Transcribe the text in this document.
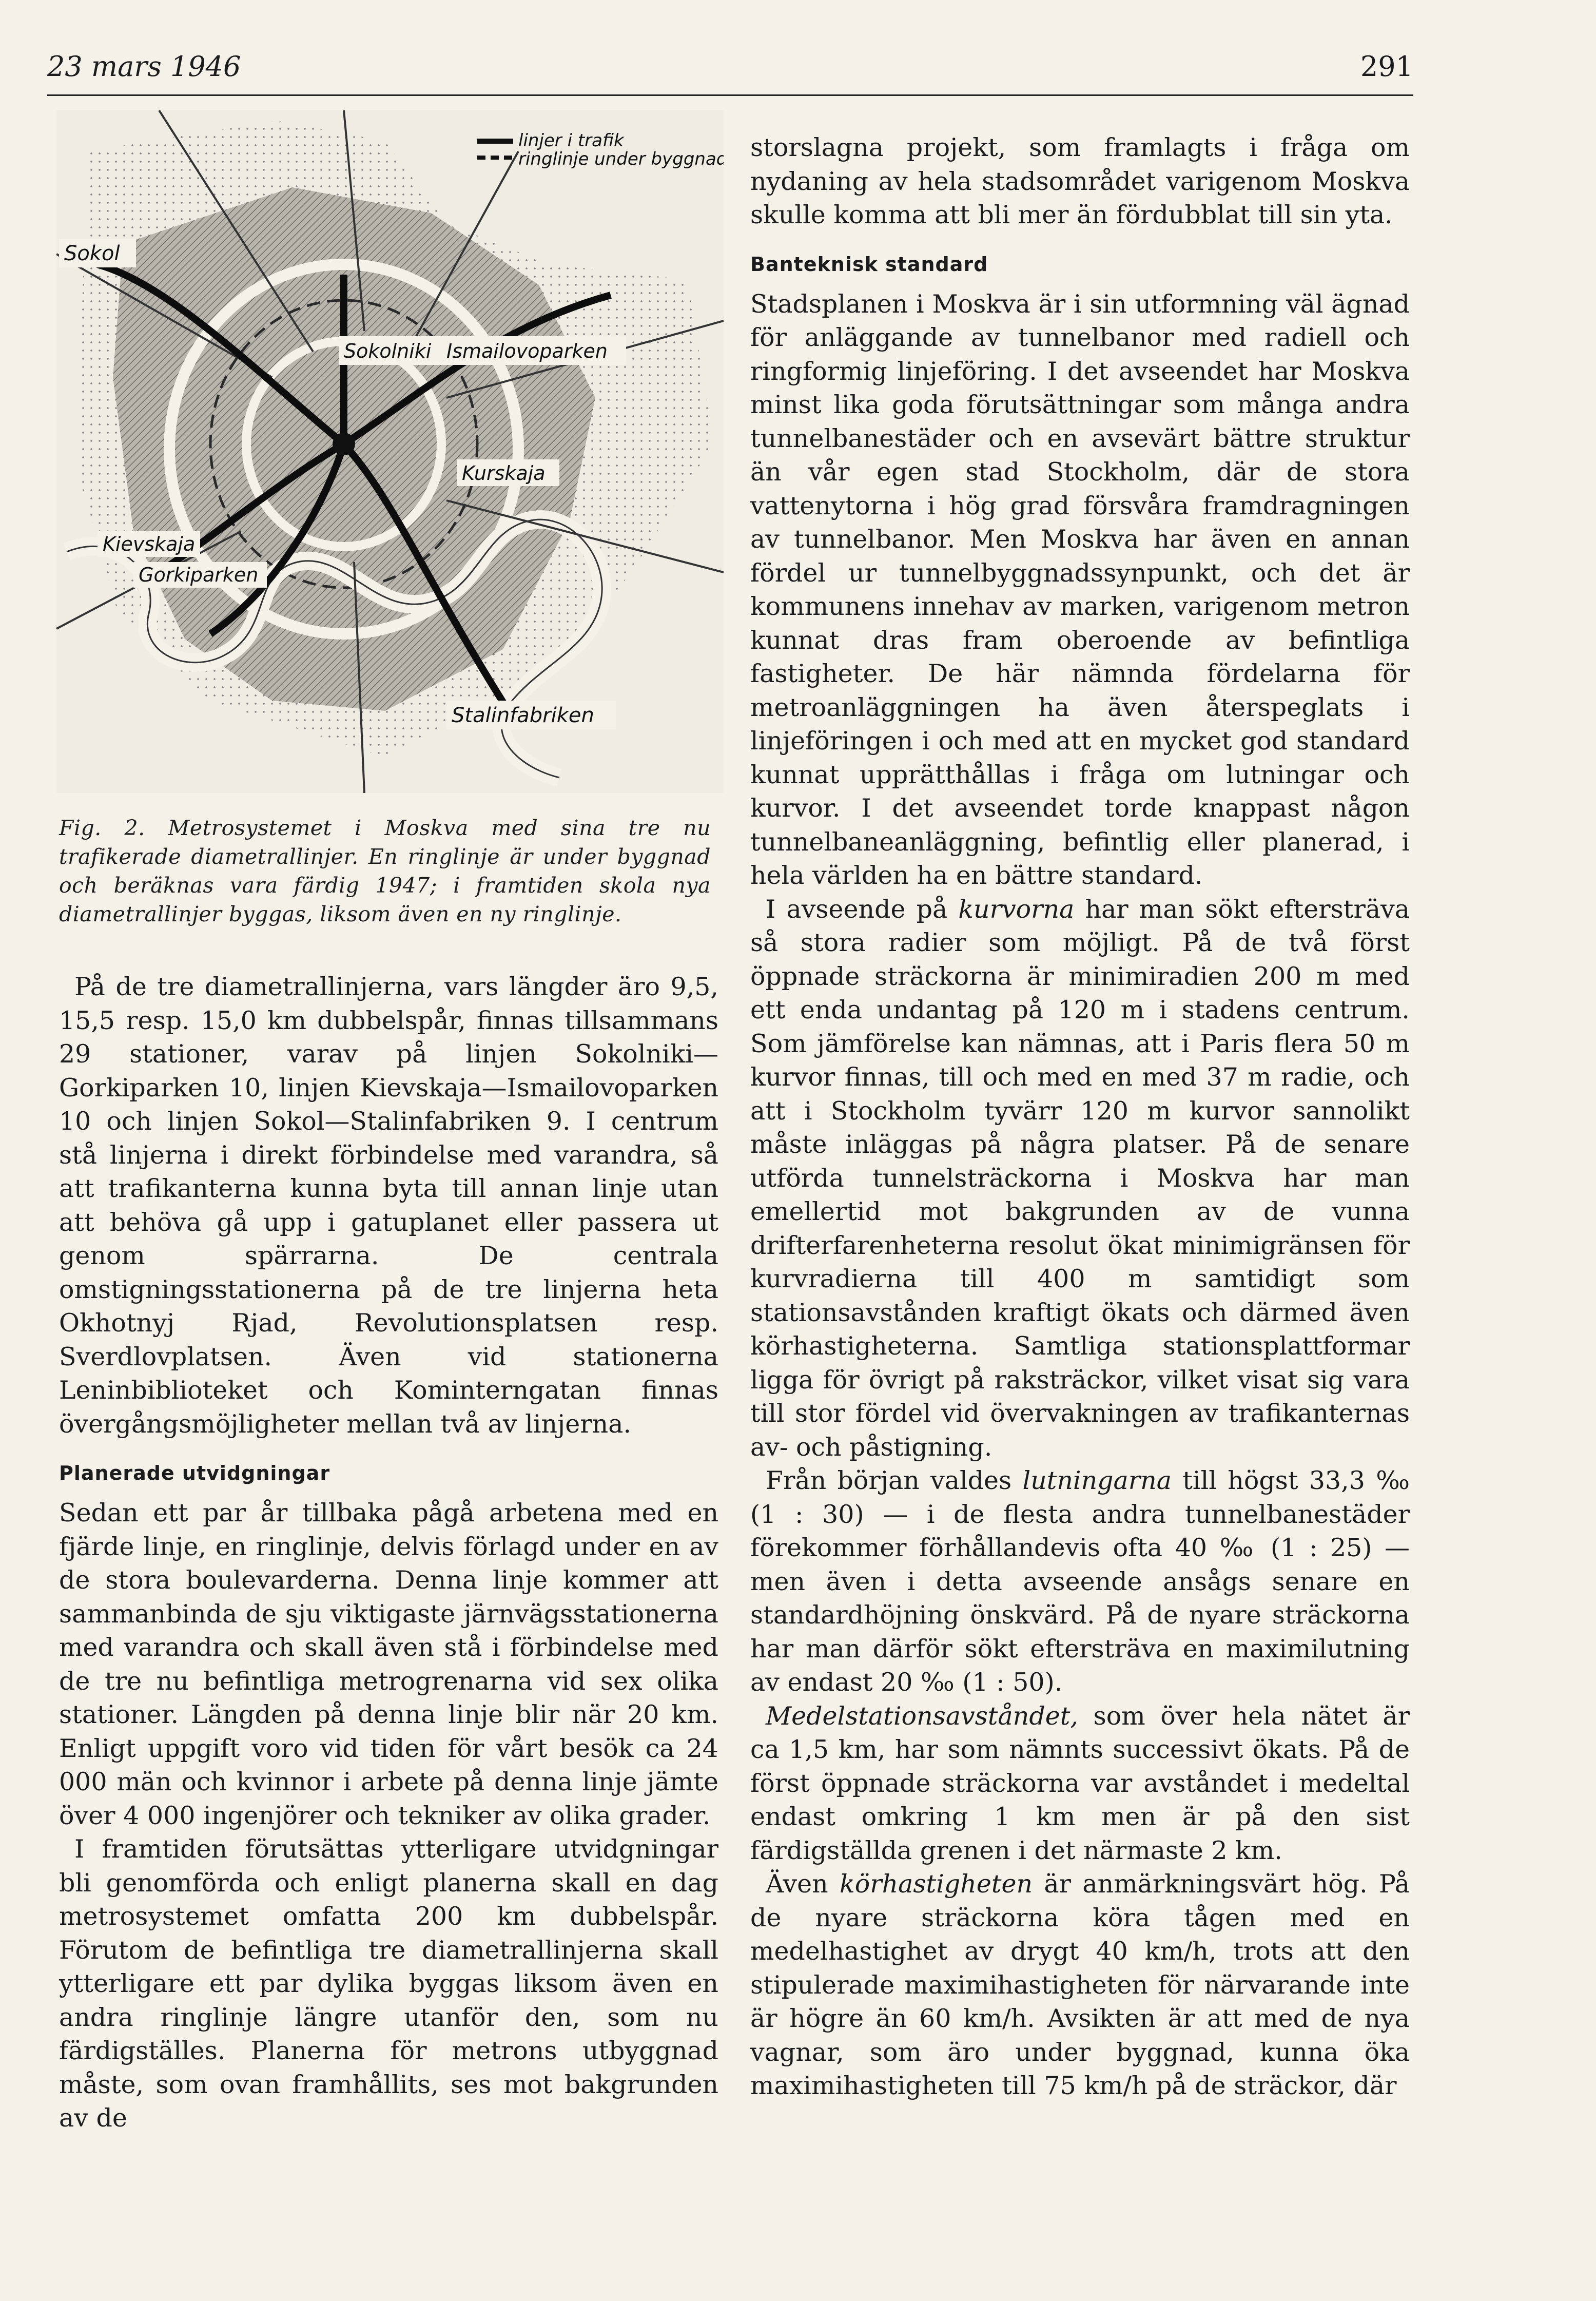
23 mars 1946	291
linjer i trafik
ringlinje under byggnad
Sokol
Sokolniki Ismailovoparken
Kurskaja
Kievskaja
Gorkiparken
Stalinfabriken
Fig. 2. Metrosystemet i Moskva med sina tre nu trafikerade diametrallinjer. En ringlinje är under byggnad och beräknas vara färdig 1947; i framtiden skola nya diametrallinjer byggas, liksom även en ny ringlinje.

På de tre diametrallinjerna, vars längder äro 9,5, 15,5 resp. 15,0 km dubbelspår, finnas tillsammans 29 stationer, varav på linjen Sokolniki—Gorkiparken 10, linjen Kievskaja—Ismailovoparken 10 och linjen Sokol—Stalinfabriken 9. I centrum stå linjerna i direkt förbindelse med varandra, så att trafikanterna kunna byta till annan linje utan att behöva gå upp i gatuplanet eller passera ut genom spärrarna. De centrala omstigningsstationerna på de tre linjerna heta Okhotnyj Rjad, Revolutionsplatsen resp. Sverdlovplatsen. Även vid stationerna Leninbiblioteket och Kominterngatan finnas övergångsmöjligheter mellan två av linjerna.

Planerade utvidgningar

Sedan ett par år tillbaka pågå arbetena med en fjärde linje, en ringlinje, delvis förlagd under en av de stora boulevarderna. Denna linje kommer att sammanbinda de sju viktigaste järnvägsstationerna med varandra och skall även stå i förbindelse med de tre nu befintliga metrogrenarna vid sex olika stationer. Längden på denna linje blir när 20 km. Enligt uppgift voro vid tiden för vårt besök ca 24 000 män och kvinnor i arbete på denna linje jämte över 4 000 ingenjörer och tekniker av olika grader.

I framtiden förutsättas ytterligare utvidgningar bli genomförda och enligt planerna skall en dag metrosystemet omfatta 200 km dubbelspår. Förutom de befintliga tre diametrallinjerna skall ytterligare ett par dylika byggas liksom även en andra ringlinje längre utanför den, som nu färdigställes. Planerna för metrons utbyggnad måste, som ovan framhållits, ses mot bakgrunden av de

storslagna projekt, som framlagts i fråga om nydaning av hela stadsområdet varigenom Moskva skulle komma att bli mer än fördubblat till sin yta.

Banteknisk standard

Stadsplanen i Moskva är i sin utformning väl ägnad för anläggande av tunnelbanor med radiell och ringformig linjeföring. I det avseendet har Moskva minst lika goda förutsättningar som många andra tunnelbanestäder och en avsevärt bättre struktur än vår egen stad Stockholm, där de stora vattenytorna i hög grad försvåra framdragningen av tunnelbanor. Men Moskva har även en annan fördel ur tunnelbyggnadssynpunkt, och det är kommunens innehav av marken, varigenom metron kunnat dras fram oberoende av befintliga fastigheter. De här nämnda fördelarna för metroanläggningen ha även återspeglats i linjeföringen i och med att en mycket god standard kunnat upprätthållas i fråga om lutningar och kurvor. I det avseendet torde knappast någon tunnelbaneanläggning, befintlig eller planerad, i hela världen ha en bättre standard.

I avseende på kurvorna har man sökt eftersträva så stora radier som möjligt. På de två först öppnade sträckorna är minimiradien 200 m med ett enda undantag på 120 m i stadens centrum. Som jämförelse kan nämnas, att i Paris flera 50 m kurvor finnas, till och med en med 37 m radie, och att i Stockholm tyvärr 120 m kurvor sannolikt måste inläggas på några platser. På de senare utförda tunnelsträckorna i Moskva har man emellertid mot bakgrunden av de vunna drifterfarenheterna resolut ökat minimigränsen för kurvradierna till 400 m samtidigt som stationsavstånden kraftigt ökats och därmed även körhastigheterna. Samtliga stationsplattformar ligga för övrigt på raksträckor, vilket visat sig vara till stor fördel vid övervakningen av trafikanternas av- och påstigning.

Från början valdes lutningarna till högst 33,3 ‰ (1 : 30) — i de flesta andra tunnelbanestäder förekommer förhållandevis ofta 40 ‰ (1 : 25) — men även i detta avseende ansågs senare en standardhöjning önskvärd. På de nyare sträckorna har man därför sökt eftersträva en maximilutning av endast 20 ‰ (1 : 50).

Medelstationsavståndet, som över hela nätet är ca 1,5 km, har som nämnts successivt ökats. På de först öppnade sträckorna var avståndet i medeltal endast omkring 1 km men är på den sist färdigställda grenen i det närmaste 2 km.

Även körhastigheten är anmärkningsvärt hög. På de nyare sträckorna köra tågen med en medelhastighet av drygt 40 km/h, trots att den stipulerade maximihastigheten för närvarande inte är högre än 60 km/h. Avsikten är att med de nya vagnar, som äro under byggnad, kunna öka maximihastigheten till 75 km/h på de sträckor, där
